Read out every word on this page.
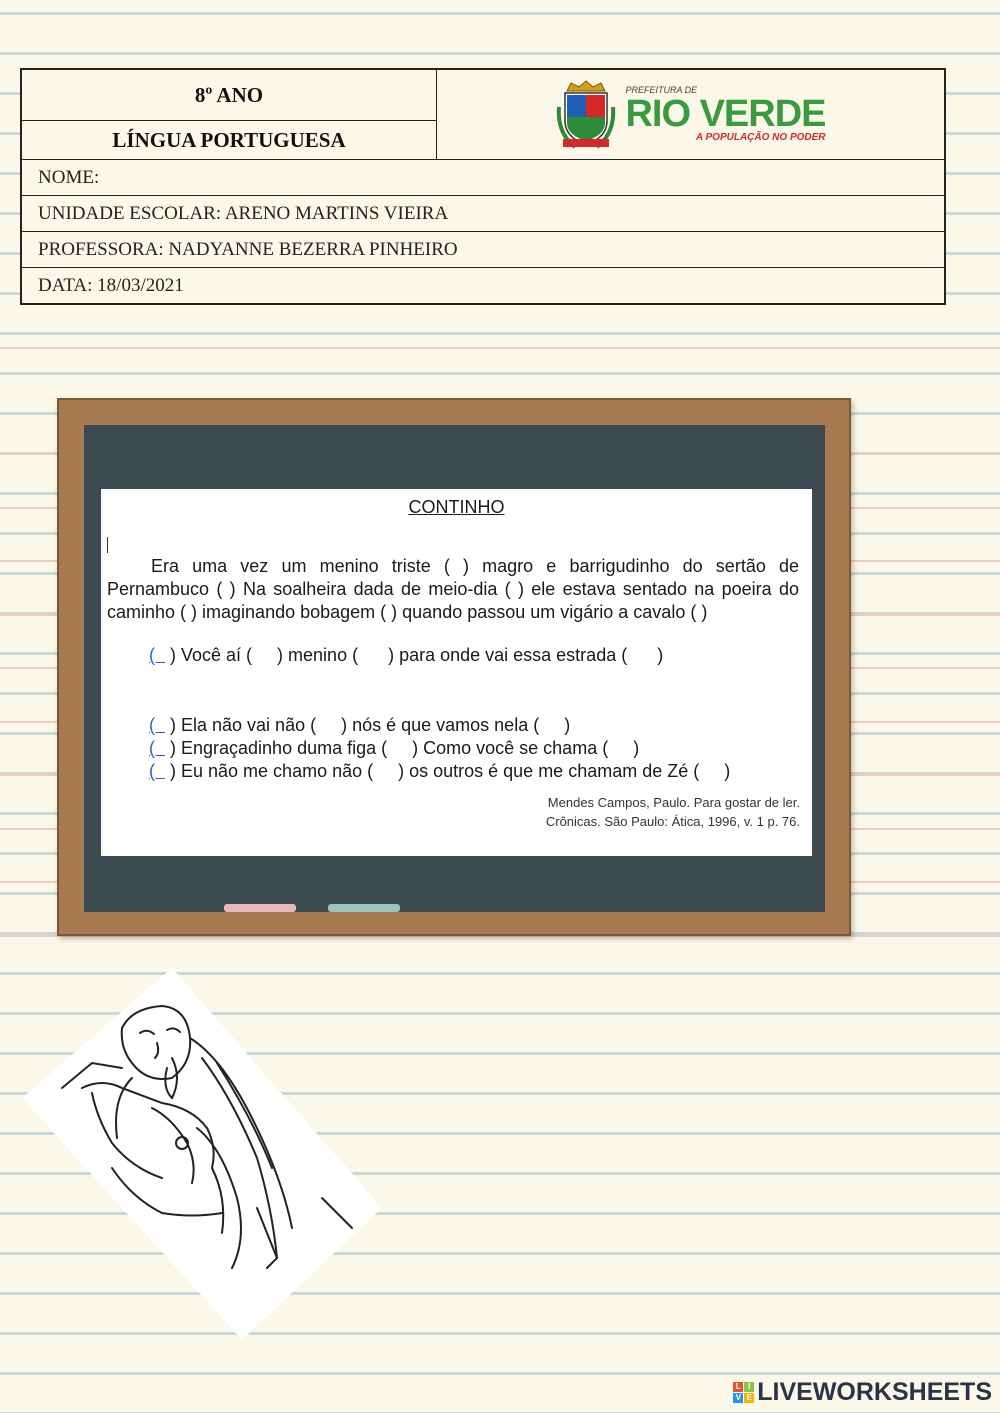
8º ANO
LÍNGUA PORTUGUESA
PREFEITURA DE
RIO VERDE
A POPULAÇÃO NO PODER
NOME:
UNIDADE ESCOLAR: ARENO MARTINS VIEIRA
PROFESSORA: NADYANNE BEZERRA PINHEIRO
DATA: 18/03/2021
CONTINHO
Era uma vez um menino triste ( ) magro e barrigudinho do sertão de Pernambuco ( ) Na soalheira dada de meio-dia ( ) ele estava sentado na poeira do caminho ( ) imaginando bobagem ( ) quando passou um vigário a cavalo ( )
(   ) Você aí (     ) menino (      ) para onde vai essa estrada (      )
(   ) Ela não vai não (     ) nós é que vamos nela (     )
(   ) Engraçadinho duma figa (     ) Como você se chama (     )
(   ) Eu não me chamo não (     ) os outros é que me chamam de Zé (     )
Mendes Campos, Paulo. Para gostar de ler.
Crônicas. São Paulo: Ática, 1996, v. 1 p. 76.
L I
V E LIVEWORKSHEETS
